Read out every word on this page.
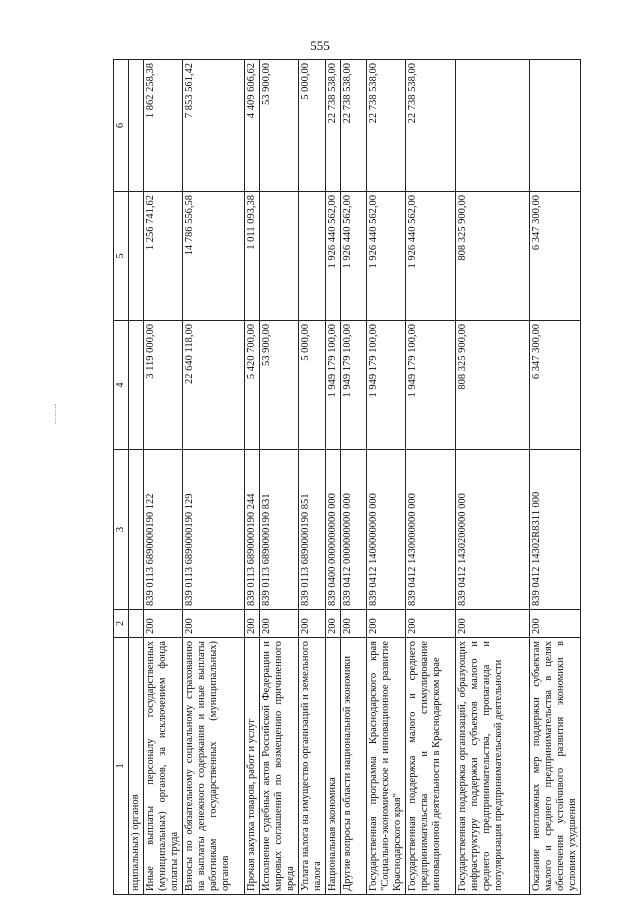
555
1	2	3	4	5	6
нципальных) органов					
Иные выплаты персоналу государственных (муниципальных) органов, за исключением фонда оплаты труда	200	839 0113 6890000190 122	3 119 000,00	1 256 741,62	1 862 258,38
Взносы по обязательному социальному страхованию на выплаты денежного содержания и иные выплаты работникам государственных (муниципальных) органов	200	839 0113 6890000190 129	22 640 118,00	14 786 556,58	7 853 561,42
Прочая закупка товаров, работ и услуг	200	839 0113 6890000190 244	5 420 700,00	1 011 093,38	4 409 606,62
Исполнение судебных актов Российской Федерации и мировых соглашений по возмещению причиненного вреда	200	839 0113 6890000190 831	53 900,00		53 900,00
Уплата налога на имущество организаций и земельного налога	200	839 0113 6890000190 851	5 000,00		5 000,00
Национальная экономика	200	839 0400 0000000000 000	1 949 179 100,00	1 926 440 562,00	22 738 538,00
Другие вопросы в области национальной экономики	200	839 0412 0000000000 000	1 949 179 100,00	1 926 440 562,00	22 738 538,00
Государственная программа Краснодарского края "Социально-экономическое и инновационное развитие Краснодарского края"	200	839 0412 1400000000 000	1 949 179 100,00	1 926 440 562,00	22 738 538,00
Государственная поддержка малого и среднего предпринимательства и стимулирование инновационной деятельности в Краснодарском крае	200	839 0412 1430000000 000	1 949 179 100,00	1 926 440 562,00	22 738 538,00
Государственная поддержка организаций, образующих инфраструктуру поддержки субъектов малого и среднего предпринимательства, пропаганда и популяризация предпринимательской деятельности	200	839 0412 1430200000 000	808 325 900,00	808 325 900,00	
Оказание неотложных мер поддержки субъектам малого и среднего предпринимательства в целях обеспечения устойчивого развития экономики в условиях ухудшения	200	839 0412 14302R8311 000	6 347 300,00	6 347 300,00	
